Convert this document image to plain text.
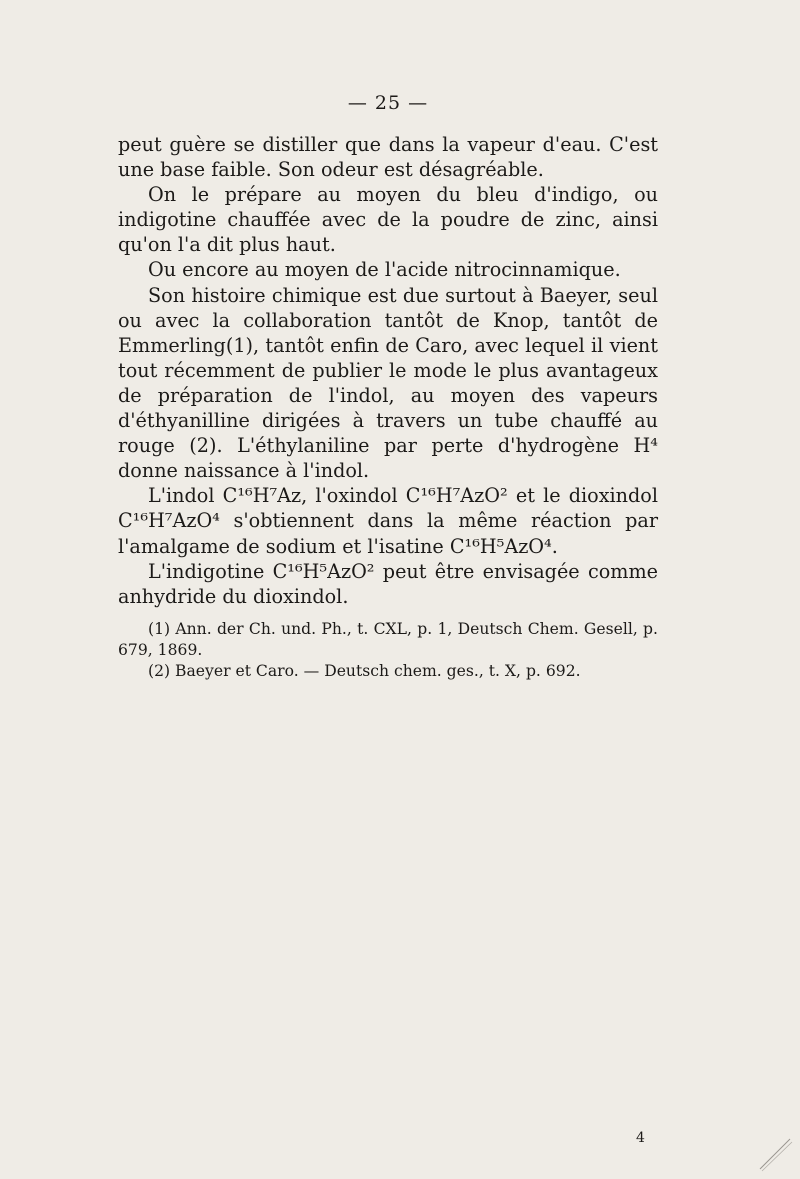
— 25 —

peut guère se distiller que dans la vapeur d'eau. C'est une base faible. Son odeur est désagréable.

On le prépare au moyen du bleu d'indigo, ou indigotine chauffée avec de la poudre de zinc, ainsi qu'on l'a dit plus haut.

Ou encore au moyen de l'acide nitrocinnamique.

Son histoire chimique est due surtout à Baeyer, seul ou avec la collaboration tantôt de Knop, tantôt de Emmerling(1), tantôt enfin de Caro, avec lequel il vient tout récemment de publier le mode le plus avantageux de préparation de l'indol, au moyen des vapeurs d'éthyanilline dirigées à travers un tube chauffé au rouge (2). L'éthylaniline par perte d'hydrogène H⁴ donne naissance à l'indol.

L'indol C¹⁶H⁷Az, l'oxindol C¹⁶H⁷AzO² et le dioxindol C¹⁶H⁷AzO⁴ s'obtiennent dans la même réaction par l'amalgame de sodium et l'isatine C¹⁶H⁵AzO⁴.

L'indigotine C¹⁶H⁵AzO² peut être envisagée comme anhydride du dioxindol.

(1) Ann. der Ch. und. Ph., t. CXL, p. 1, Deutsch Chem. Gesell, p. 679, 1869.

(2) Baeyer et Caro. — Deutsch chem. ges., t. X, p. 692.

4
